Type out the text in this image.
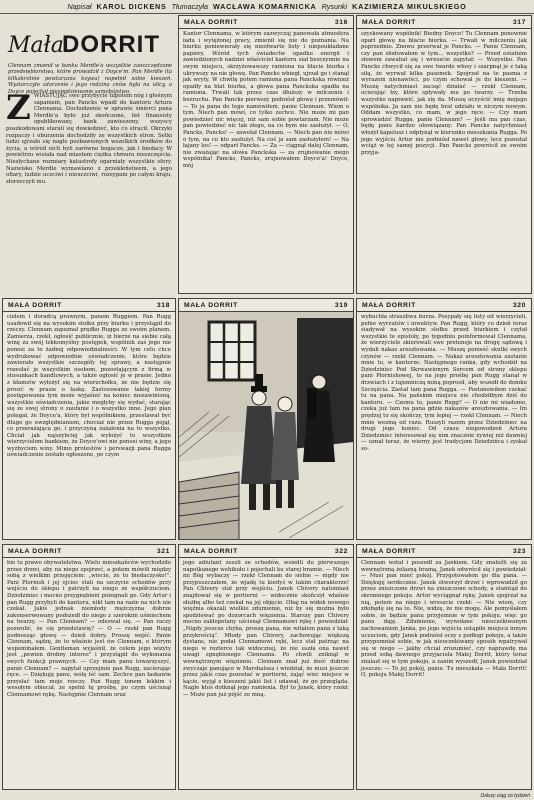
Napisał KAROL DICKENS Tłumaczyła WACŁAWA KOMARNICKA Rysunki KAZIMIERZA MIKULSKIEGO
Mała
DORRIT
Clennam zmienił w banku Merdle'a wszystkie zaoszczędzone przedsiębiorstwa, które prowadził z Doyce'm. Pan Merdle (ta kilkakrotnie powtarzana ksywa) napełnił sobie kieszeń. Wystarczyło zdarzenie i jego rodzina znów była na ulicy, a Doyce pojechał niespodziewanie samobójstwo.
Z WIASTUJĄC swe przybycie tupotem nóg i głośnym sapaniem, pan Pancks wpadł do kantoru Artura Clennama. Dochodzenie w sprawie śmierci pana Merdle'a było już skończone, list finansisty opublikowany, bank zawieszony, wszyscy poszkodowani starali się dowiedzieć, kto co stracił. Okrzyki rozpaczy i oburzenia dochodziły ze wszystkich stron. Setki ludzi ujrzało się nagle pozbawionych wszelkich środków do życia, a wśród nich byli zarówno bogacze, jak i biedacy. W powietrzu wisiała nad miastem ciężka chmura nieszczęścia. Niesłychane rozmiary katastrofy ogarniały wszystkie sfery. Nazwisko Merdle wymawiano z przekleństwem, a jego ofiary, ludzie uczciwi i nieuczciwi, rozsypani po całym kraju, złorzeczyli mu.
MAŁA DORRIT	316
Kantor Clennama, w którym zazwyczaj panowała atmosfera ładu i wytężonej pracy, zmienił się nie do poznania. Na biurku poniewierały się nieotwarte listy i niepoukładane papiery. Wśród tych świadectw upadku energii i zawiedzionych nadziei właściciel kantoru siał bezczynnie na swym miejscu, skrzyżowawszy ramiona na blacie biurka i ukrywszy na nie głowę. Pan Pancks wbiegł, ujrzał go i stanął jak wryty. W chwilę potem ramiona pana Panckska również opadły na blat biurka, a głowa pana Panckska spadła na ramiona. Trwali tak przez czas dłuższy w milczeniu i bezruchu. Pan Pancks pierwszy podniósł głowę i przemówił: — To ja pana do tego namówiłem, panie Clennam. Wiem o tym. Niech pan mówi, co tylko zechce. Nie może mi pan powiedzieć nic więcej, niż sam sobie powtarzam. Nie może pan powiedzieć nic tak złego, na co bym nie zasłużył. — O, Pancks, Pancks! — zawołał Clennam. — Niech pan nie mówi o tym, na co kto zasłużył. Na coś ja sam zasłużyłem! — Na łajany los! — odparł Pancks. — Za — ciągnął dalej Clennam, nie zważając na słowa Panckska — za zrujnowanie mego wspólnika! Pancks, Pancks, zrujnowałem Doyce'a! Doyce, mój
MAŁA DORRIT	317
szyskowany wspólnik! Biedny Doyce! Tu Clennam ponownie oparł głowę na blacie biurka. — Trwali w milczeniu jak poprzednio. Znowu przerwał je Pancks. — Panie Clennam, czy pan słodowałem w tym... wszystko? — Przed ostatnim słowem zawahał się i wreszcie zapytał: — Wszystko. Pan Pancks chwycił się za swe twarde włosy i szarpnął je z taką siłą, że wyrwał kilka pasemek. Spojrzał na te pasma z wyrazem nienawiści, po czym schował je do kieszeni. — Muszę natychmiast zacząć działać — rzekł Clennam, ocierając łzy, które spływały mu po twarzy. — Trzeba wszystko naprawić, jak się da. Muszę oczyścić imię mojego wspólnika. Ja sam nie będę brał udziału w niczym nowym. Oddam wszystko, co mam, w jego ręce. — Czy mam sprowadzić Rugga, panie Clennam? — Jeśli ma pan czas, będę panu bardzo obowiązany. Pan Pancks natychmiast włożył kapelusz i odpłynął w kierunku mieszkania Rugga. Po jego wyjściu Artur nie podniósł nawet głowy, lecz pozostał wciąż w tej samej pozycji. Pan Pancks powrócił ze swoim przyja-
MAŁA DORRIT	318
cielem i doradcą prawnym, panem Ruggiem. Pan Rugg usadowił się na wysokim stołku przy biurku i przystąpił do rzeczy. Clennam zapoznał prędko Rugga ze swoim planem. Zamierza, rzekł, ogłosić publicznie, iż bierze na siebie całą winę za swój lekkomyślny postępek, wspólnik zaś jego nie ponosi za to żadnej odpowiedzialności. W tym celu chce wydrukować odpowiednie oświadczenie, które będzie zawierało wszystkie szczegóły tej sprawy, a następnie rozesłać je wszystkim osobom, pozostającym z firmą w stosunkach handlowych, a także ogłosić je w prasie. Jedno z kłamstw wyłożył się na wierzchołku, że nie będzie się prosić w prasie o łaskę. Zastosowanie takiej formy postępowania tym może wyjaśnić na koniec niezawinioną, wszystkie oświadczenia, jakie mogłyby się wydać, starając się ze swej strony o zaufanie i o wszystko inne. Jego plan polegał, że Doyce'a, który był wspólnikiem, przestawał być długo go uwzględnianiem, chociaż nie przez Rugga pojął, co przerażająca go, i przyczyną zażalenia na to wszystko. Chciał jak najszybciej jak wyłożyć to wszystkim wierzycielom bankiem, że Doyce'owi nie ponosi winy, a jego wyzbyciem winy. Mimo protestów i perswazji pana Rugga oświadczenie zostało ogłoszone, po czym
MAŁA DORRIT	319 MAŁA DORRIT	320
wybuchła straszliwa burza. Posypały się listy od wierzycieli, pełne wyrzutów i inwektyw. Pan Rugg, który co dzień teraz siadywał na wysokim stołku przed biurkiem i czytał wszystkie te epistoły, po tygodniu poinformował Clennama, że wierzyciele skierowali swe pretensje na drogę sądową i wydali nakaz aresztowania. — Muszę ponieść skutki swych czynów — rzekł Clennam. — Nakaz aresztowania zastanie mnie tu, w kantorze. Następnego ranka, gdy wchodził na Dziedziniec Pod Skrwawionym Sercem od strony sklepu pani Plornishowej, to na jego prośbę pan Rugg stanął w drzwiach i z tajemniczą miną poprosił, aby wszedł do domku Szczęścia. Zastał tam pana Rugga. — Postanowiłem czekać tu na pana. Na pańskim miejscu nie chodziłbym dziś do kantoru. — Czemu to, panie Rugg? — O nie mi wiadomo, czeka już tam na pana gdzie nakazów aresztowania. — Im prędzej to się skończy, tym lepiej — rzekł Clennam. — Niech mnie wezmą od razu. Ruszyli razem przez Dziedziniec na drugi jego koniec. Od czasu niepowodzeń Artura Dziedziniec interesował się nim znacznie żywiej niż dawniej — uznał teraz, że wierny jest tradycjom Dziedzińca i zyskał so-
MAŁA DORRIT	321
bie tu prawo obywatelstwa. Wielu mieszkańców wychodziło przez drzwi, aby na niego spojrzeć, a potem mówili między sobą z wielkim przejęciem: „wiecie, że to biedaczysko!". Pani Plornish i jej ojciec stali na szczycie schodów przy wejściu do sklepu i patrzyli na niego ze współczuciem. Dziedziniec i mocno przygnębieni pożegnali go. Gdy Artur i pan Rugg przybyli do kantoru, nikt tam na razie na nich nie czekał. Jakiś jednak niemłody mężczyzna dobrze zakonserwowany podszedł do niego z szerokim uśmiechem na twarzy. — Pan Clennam? — odezwał się. — Pan raczy pozwolić, że się przedstawię? — O — rzekł pan Rugg podnosząc głowę — dzień dobry. Proszę wejść. Panie Clennam, sądzę, że to właśnie jest ów Clennam, o którym wspominałem. Gentleman wyjaśnił, że celem jego wizyty jest „pewien drobny interes" i przystąpił do wykonania swych funkcji prawnych. — Czy mam panu towarzyszyć, panie Clennam? — zapytał uprzejmie pan Rugg, zacierając ręce. — Dziękuję panu, wolę iść sam. Zechce pan łaskawie przysłać tam moje rzeczy. Pan Rugg tonem lekkim i wesołym obiecał, że spełni tę prośbę, po czym uścisnął Clennamowi rękę. Następnie Clennam oraz
MAŁA DORRIT	322
jego adiutant zeszli ze schodów, wsiedli do pierwszego napotkanego wehikułu i pojechali ku starej bramie. — Niech mi Bóg wybaczy — rzekł Clennam do siebie — nigdy nie przypuszczałem, że wjadę tu kiedyś w takim charakterze! Pan Chivery stał przy wejściu. Janek Chivery natomiast znajdował się w portierni — widocznie skończył właśnie służbę albo też czekał na jej objęcie. Obaj na widok nowego więźnia okazali wielkie zdumienie, niż by się można było spodziewać po dozorcach więzienia. Starszy pan Chivery mocno zakłopotany uścisnął Clennamowi rękę i powiedział: „Nigdy jeszcze chyba, proszę pana, nie witałem pana z taką przykrością". Młody pan Chivery, zachowując większą dystans, nie podał Clennamowi ręki, lecz stał patrząc na niego w rozterce tak widocznej, że nie uszła ona nawet uwagi zgnębionego Clennama. Po chwili zniknął w wewnętrznym więzieniu. Clennam znał już dość dobrze zwyczaje panujące w Marshalsea i wiedział, że musi jeszcze przez jakiś czas pozostać w portierni, zająć wiec miejsce w kącie, wyjął z kieszeni jakiś list i udawał, że go przegląda. Nagle ktoś dotknął jego ramienia. Był to Janek, który rzekł: — Może pan już pójść ze mną.
MAŁA DORRIT	323
Clennam wstał i poszedł za Jankiem. Gdy znaleźli się za wewnętrzną żelazną bramą, Janek odwrócił się i powiedział: — Musi pan mieć pokój. Przygotowałem go dla pana. — Dziękuję serdecznie. Janek otworzył drzwi i wprowadził go przez zniszczone drzwi na zniszczone schody, a stamtąd do skromnego pokoju. Artur wyciągnął rękę. Janek spojrzał na nią, potem na niego i wreszcie rzekł: — Nie wiem, czy zdobędę się na to. Nie, widzę, że nie mogę. Ale pomyślałem sobie, że będzie panu przyjemnie w tym pokoju, więc go panu daję. Zdumienie, wywołane nieoczekiwanym zachowaniem Janka, po jego wyjściu ustąpiło miejsca innym uczuciom, gdy Janek podniósł oczy z podłogi pokoju, a także przypomniał sobie, w jak nieoczekiwany sposób wpatrywał się w niego — jakby chciał zrozumieć, czy naprawdę ma przed sobą dawnego przyjaciela Małej Dorrit, który teraz znalazł się w tym pokoju, a zanim wyszedł, Janek powiedział jeszcze: — To jej pokój, panie. Tu mieszkała — Mała Dorrit! O, pokoju Małej Dorrit!
Dalszy ciąg za tydzień
